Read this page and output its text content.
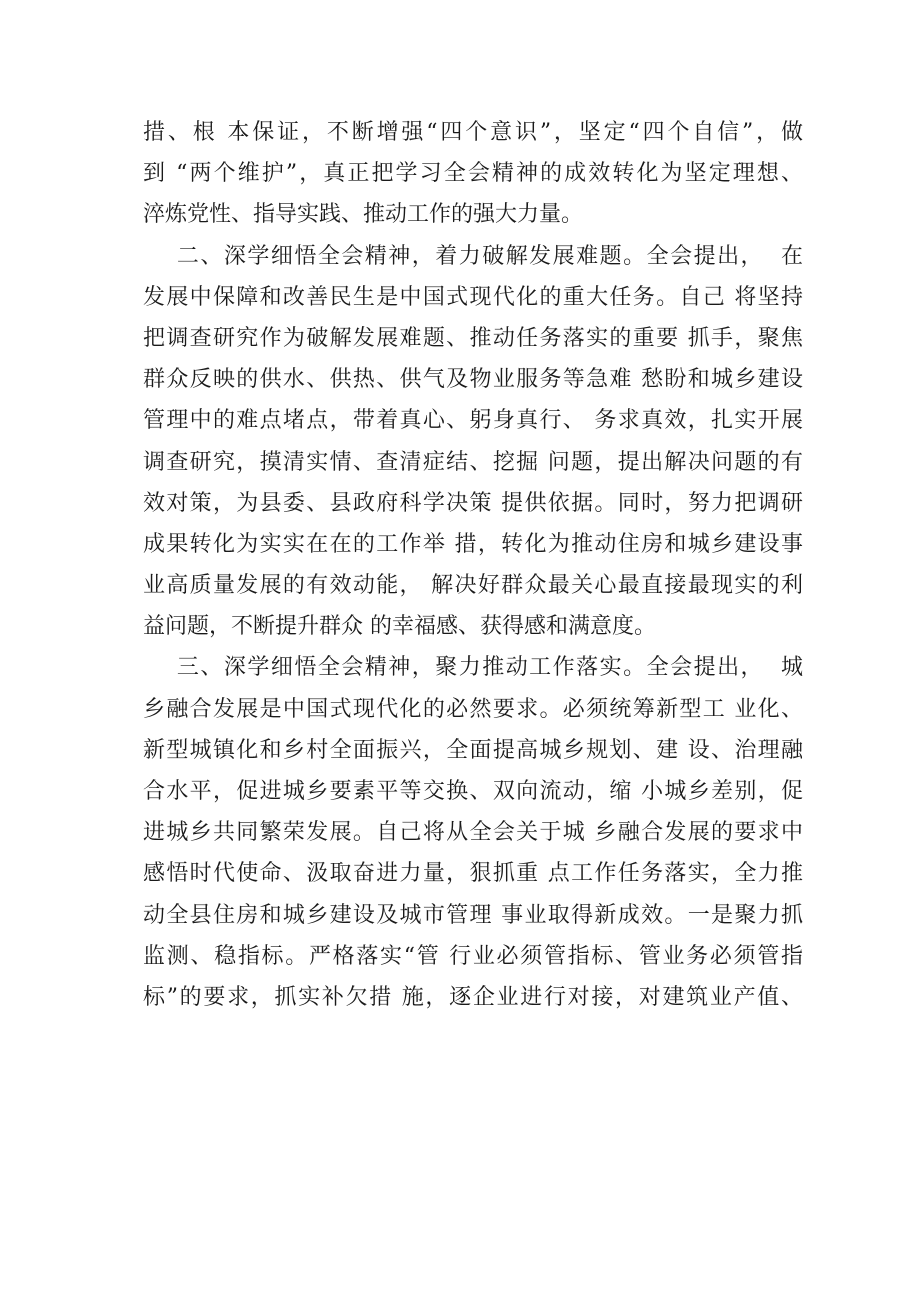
措、根 本保证，不断增强“四个意识”，坚定“四个自信”，做
到 “两个维护”，真正把学习全会精神的成效转化为坚定理想、
淬炼党性、指导实践、推动工作的强大力量。
二、深学细悟全会精神，着力破解发展难题。全会提出，  在
发展中保障和改善民生是中国式现代化的重大任务。自己 将坚持
把调查研究作为破解发展难题、推动任务落实的重要 抓手，聚焦
群众反映的供水、供热、供气及物业服务等急难 愁盼和城乡建设
管理中的难点堵点，带着真心、躬身真行、 务求真效，扎实开展
调查研究，摸清实情、查清症结、挖掘 问题，提出解决问题的有
效对策，为县委、县政府科学决策 提供依据。同时，努力把调研
成果转化为实实在在的工作举 措，转化为推动住房和城乡建设事
业高质量发展的有效动能， 解决好群众最关心最直接最现实的利
益问题，不断提升群众 的幸福感、获得感和满意度。
三、深学细悟全会精神，聚力推动工作落实。全会提出，  城
乡融合发展是中国式现代化的必然要求。必须统筹新型工 业化、
新型城镇化和乡村全面振兴，全面提高城乡规划、建 设、治理融
合水平，促进城乡要素平等交换、双向流动，缩 小城乡差别，促
进城乡共同繁荣发展。自己将从全会关于城 乡融合发展的要求中
感悟时代使命、汲取奋进力量，狠抓重 点工作任务落实，全力推
动全县住房和城乡建设及城市管理 事业取得新成效。一是聚力抓
监测、稳指标。严格落实“管 行业必须管指标、管业务必须管指
标”的要求，抓实补欠措 施，逐企业进行对接，对建筑业产值、
